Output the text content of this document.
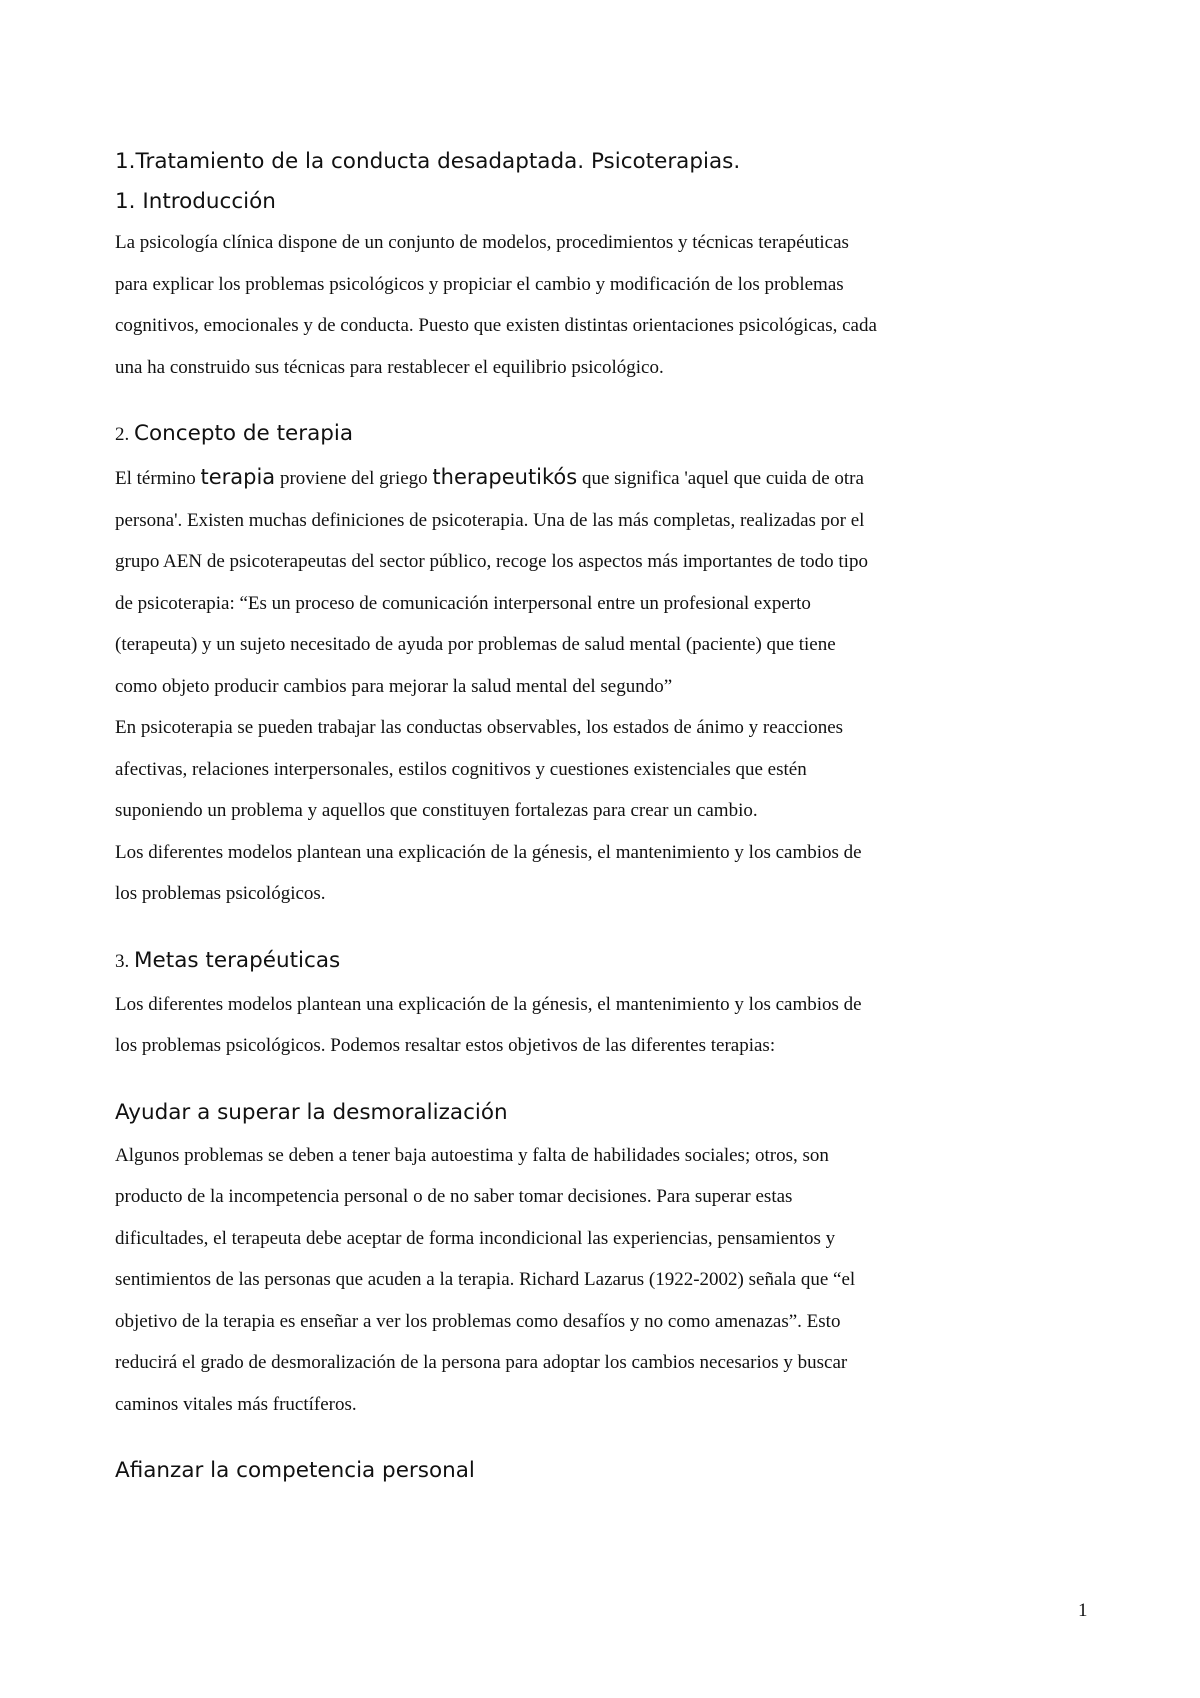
1.Tratamiento de la conducta desadaptada. Psicoterapias.
1. Introducción
La psicología clínica dispone de un conjunto de modelos, procedimientos y técnicas terapéuticas
para explicar los problemas psicológicos y propiciar el cambio y modificación de los problemas
cognitivos, emocionales y de conducta. Puesto que existen distintas orientaciones psicológicas, cada
una ha construido sus técnicas para restablecer el equilibrio psicológico.
2. Concepto de terapia
El término terapia proviene del griego therapeutikós que significa 'aquel que cuida de otra
persona'. Existen muchas definiciones de psicoterapia. Una de las más completas, realizadas por el
grupo AEN de psicoterapeutas del sector público, recoge los aspectos más importantes de todo tipo
de psicoterapia: “Es un proceso de comunicación interpersonal entre un profesional experto
(terapeuta) y un sujeto necesitado de ayuda por problemas de salud mental (paciente) que tiene
como objeto producir cambios para mejorar la salud mental del segundo”
En psicoterapia se pueden trabajar las conductas observables, los estados de ánimo y reacciones
afectivas, relaciones interpersonales, estilos cognitivos y cuestiones existenciales que estén
suponiendo un problema y aquellos que constituyen fortalezas para crear un cambio.
Los diferentes modelos plantean una explicación de la génesis, el mantenimiento y los cambios de
los problemas psicológicos.
3. Metas terapéuticas
Los diferentes modelos plantean una explicación de la génesis, el mantenimiento y los cambios de
los problemas psicológicos. Podemos resaltar estos objetivos de las diferentes terapias:
Ayudar a superar la desmoralización
Algunos problemas se deben a tener baja autoestima y falta de habilidades sociales; otros, son
producto de la incompetencia personal o de no saber tomar decisiones. Para superar estas
dificultades, el terapeuta debe aceptar de forma incondicional las experiencias, pensamientos y
sentimientos de las personas que acuden a la terapia. Richard Lazarus (1922-2002) señala que “el
objetivo de la terapia es enseñar a ver los problemas como desafíos y no como amenazas”. Esto
reducirá el grado de desmoralización de la persona para adoptar los cambios necesarios y buscar
caminos vitales más fructíferos.
Afianzar la competencia personal
1
